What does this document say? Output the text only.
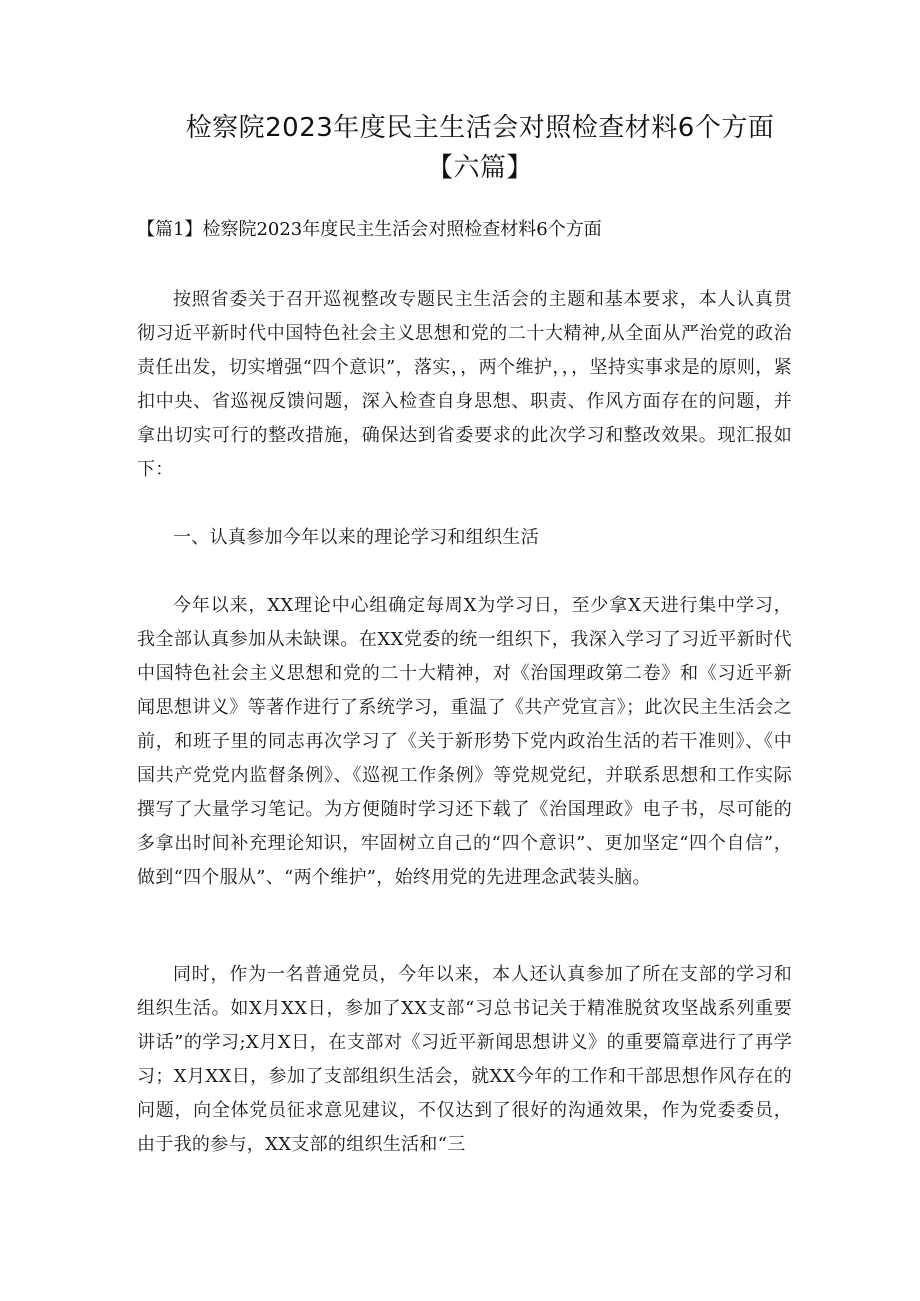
检察院2023年度民主生活会对照检查材料6个方面【六篇】

【篇1】检察院2023年度民主生活会对照检查材料6个方面

按照省委关于召开巡视整改专题民主生活会的主题和基本要求，本人认真贯彻习近平新时代中国特色社会主义思想和党的二十大精神,从全面从严治党的政治责任出发，切实增强“四个意识”，落实，，两个维护，，，坚持实事求是的原则，紧扣中央、省巡视反馈问题，深入检查自身思想、职责、作风方面存在的问题，并拿出切实可行的整改措施，确保达到省委要求的此次学习和整改效果。现汇报如下：

一、认真参加今年以来的理论学习和组织生活

今年以来，XX理论中心组确定每周X为学习日，至少拿X天进行集中学习，我全部认真参加从未缺课。在XX党委的统一组织下，我深入学习了习近平新时代中国特色社会主义思想和党的二十大精神，对《治国理政第二卷》和《习近平新闻思想讲义》等著作进行了系统学习，重温了《共产党宣言》；此次民主生活会之前，和班子里的同志再次学习了《关于新形势下党内政治生活的若干准则》、《中国共产党党内监督条例》、《巡视工作条例》等党规党纪，并联系思想和工作实际撰写了大量学习笔记。为方便随时学习还下载了《治国理政》电子书，尽可能的多拿出时间补充理论知识，牢固树立自己的“四个意识”、更加坚定“四个自信”，做到“四个服从”、“两个维护”，始终用党的先进理念武装头脑。

同时，作为一名普通党员，今年以来，本人还认真参加了所在支部的学习和组织生活。如X月XX日，参加了XX支部“习总书记关于精准脱贫攻坚战系列重要讲话”的学习;X月X日，在支部对《习近平新闻思想讲义》的重要篇章进行了再学习；X月XX日，参加了支部组织生活会，就XX今年的工作和干部思想作风存在的问题，向全体党员征求意见建议，不仅达到了很好的沟通效果，作为党委委员，由于我的参与，XX支部的组织生活和“三
